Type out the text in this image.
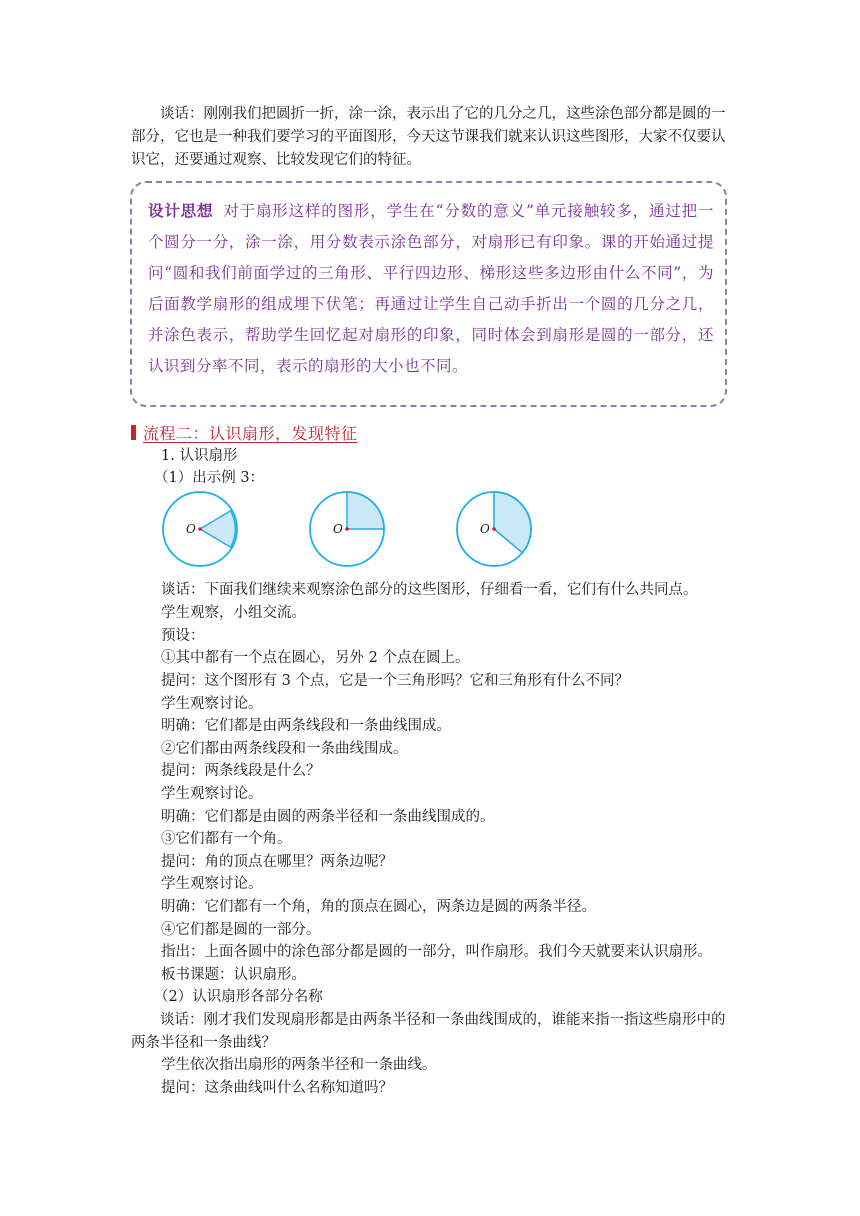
谈话：刚刚我们把圆折一折，涂一涂，表示出了它的几分之几，这些涂色部分都是圆的一部分，它也是一种我们要学习的平面图形，今天这节课我们就来认识这些图形，大家不仅要认识它，还要通过观察、比较发现它们的特征。

设计思想 对于扇形这样的图形，学生在“分数的意义”单元接触较多，通过把一个圆分一分，涂一涂，用分数表示涂色部分，对扇形已有印象。课的开始通过提问“圆和我们前面学过的三角形、平行四边形、梯形这些多边形由什么不同”，为后面教学扇形的组成埋下伏笔；再通过让学生自己动手折出一个圆的几分之几，并涂色表示，帮助学生回忆起对扇形的印象，同时体会到扇形是圆的一部分，还认识到分率不同，表示的扇形的大小也不同。

流程二：认识扇形，发现特征

1. 认识扇形

（1）出示例 3：

O	O	O

谈话：下面我们继续来观察涂色部分的这些图形，仔细看一看，它们有什么共同点。

学生观察，小组交流。

预设：

①其中都有一个点在圆心，另外 2 个点在圆上。

提问：这个图形有 3 个点，它是一个三角形吗？它和三角形有什么不同？

学生观察讨论。

明确：它们都是由两条线段和一条曲线围成。

②它们都由两条线段和一条曲线围成。

提问：两条线段是什么？

学生观察讨论。

明确：它们都是由圆的两条半径和一条曲线围成的。

③它们都有一个角。

提问：角的顶点在哪里？两条边呢？

学生观察讨论。

明确：它们都有一个角，角的顶点在圆心，两条边是圆的两条半径。

④它们都是圆的一部分。

指出：上面各圆中的涂色部分都是圆的一部分，叫作扇形。我们今天就要来认识扇形。

板书课题：认识扇形。

（2）认识扇形各部分名称

谈话：刚才我们发现扇形都是由两条半径和一条曲线围成的，谁能来指一指这些扇形中的两条半径和一条曲线？

学生依次指出扇形的两条半径和一条曲线。

提问：这条曲线叫什么名称知道吗？
